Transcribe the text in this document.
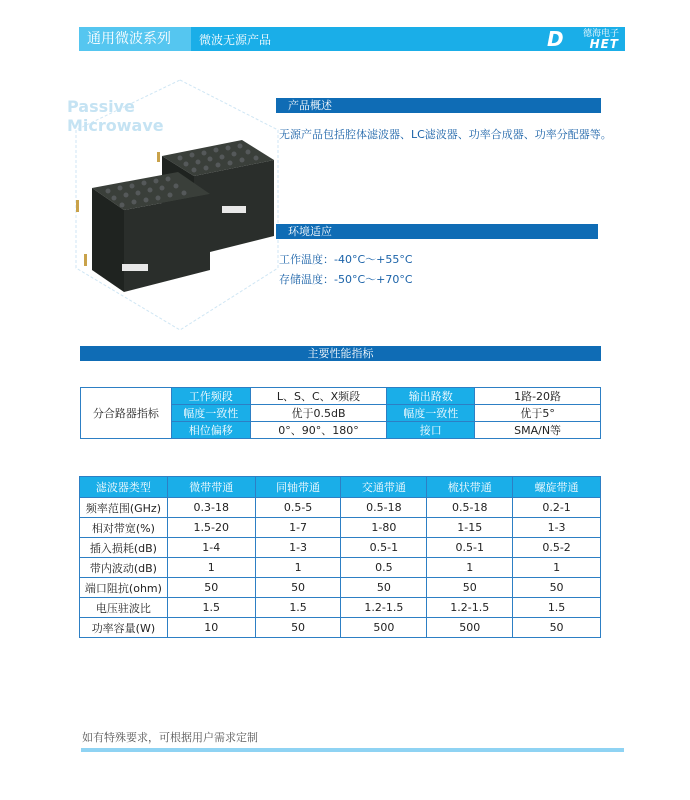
通用微波系列	微波无源产品	D 德海电子
HET
Passive
Microwave
产品概述
无源产品包括腔体滤波器、LC滤波器、功率合成器、功率分配器等。
环境适应
工作温度：-40°C～+55°C
存储温度：-50°C～+70°C
主要性能指标
分合路器指标	工作频段	L、S、C、X频段	输出路数	1路-20路
	幅度一致性	优于0.5dB	幅度一致性	优于5°
	相位偏移	0°、90°、180°	接口	SMA/N等
滤波器类型	微带带通	同轴带通	交通带通	梳状带通	螺旋带通
频率范围(GHz)	0.3-18	0.5-5	0.5-18	0.5-18	0.2-1
相对带宽(%)	1.5-20	1-7	1-80	1-15	1-3
插入损耗(dB)	1-4	1-3	0.5-1	0.5-1	0.5-2
带内波动(dB)	1	1	0.5	1	1
端口阻抗(ohm)	50	50	50	50	50
电压驻波比	1.5	1.5	1.2-1.5	1.2-1.5	1.5
功率容量(W)	10	50	500	500	50
如有特殊要求，可根据用户需求定制
